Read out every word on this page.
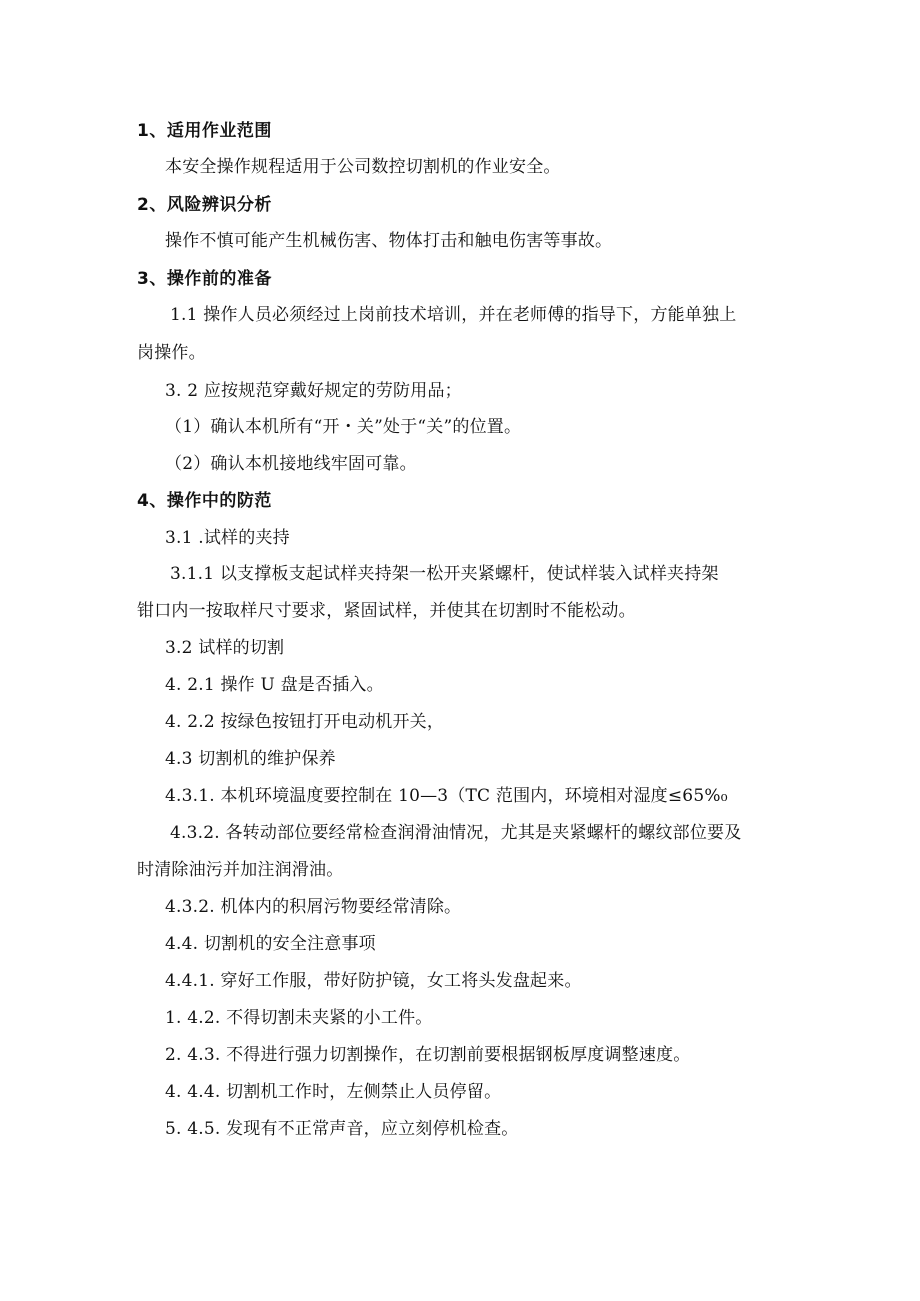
1、适用作业范围
本安全操作规程适用于公司数控切割机的作业安全。
2、风险辨识分析
操作不慎可能产生机械伤害、物体打击和触电伤害等事故。
3、操作前的准备
1.1 操作人员必须经过上岗前技术培训，并在老师傅的指导下，方能单独上
岗操作。
3. 2 应按规范穿戴好规定的劳防用品；
（1）确认本机所有“开・关”处于“关”的位置。
（2）确认本机接地线牢固可靠。
4、操作中的防范
3.1 .试样的夹持
3.1.1 以支撑板支起试样夹持架一松开夹紧螺杆，使试样装入试样夹持架
钳口内一按取样尺寸要求，紧固试样，并使其在切割时不能松动。
3.2 试样的切割
4. 2.1 操作 U 盘是否插入。
4. 2.2 按绿色按钮打开电动机开关，
4.3 切割机的维护保养
4.3.1. 本机环境温度要控制在 10—3（TC 范围内，环境相对湿度≤65%₀
4.3.2. 各转动部位要经常检查润滑油情况，尤其是夹紧螺杆的螺纹部位要及
时清除油污并加注润滑油。
4.3.2. 机体内的积屑污物要经常清除。
4.4. 切割机的安全注意事项
4.4.1. 穿好工作服，带好防护镜，女工将头发盘起来。
1. 4.2. 不得切割未夹紧的小工件。
2. 4.3. 不得进行强力切割操作，在切割前要根据钢板厚度调整速度。
4. 4.4. 切割机工作时，左侧禁止人员停留。
5. 4.5. 发现有不正常声音，应立刻停机检查。
